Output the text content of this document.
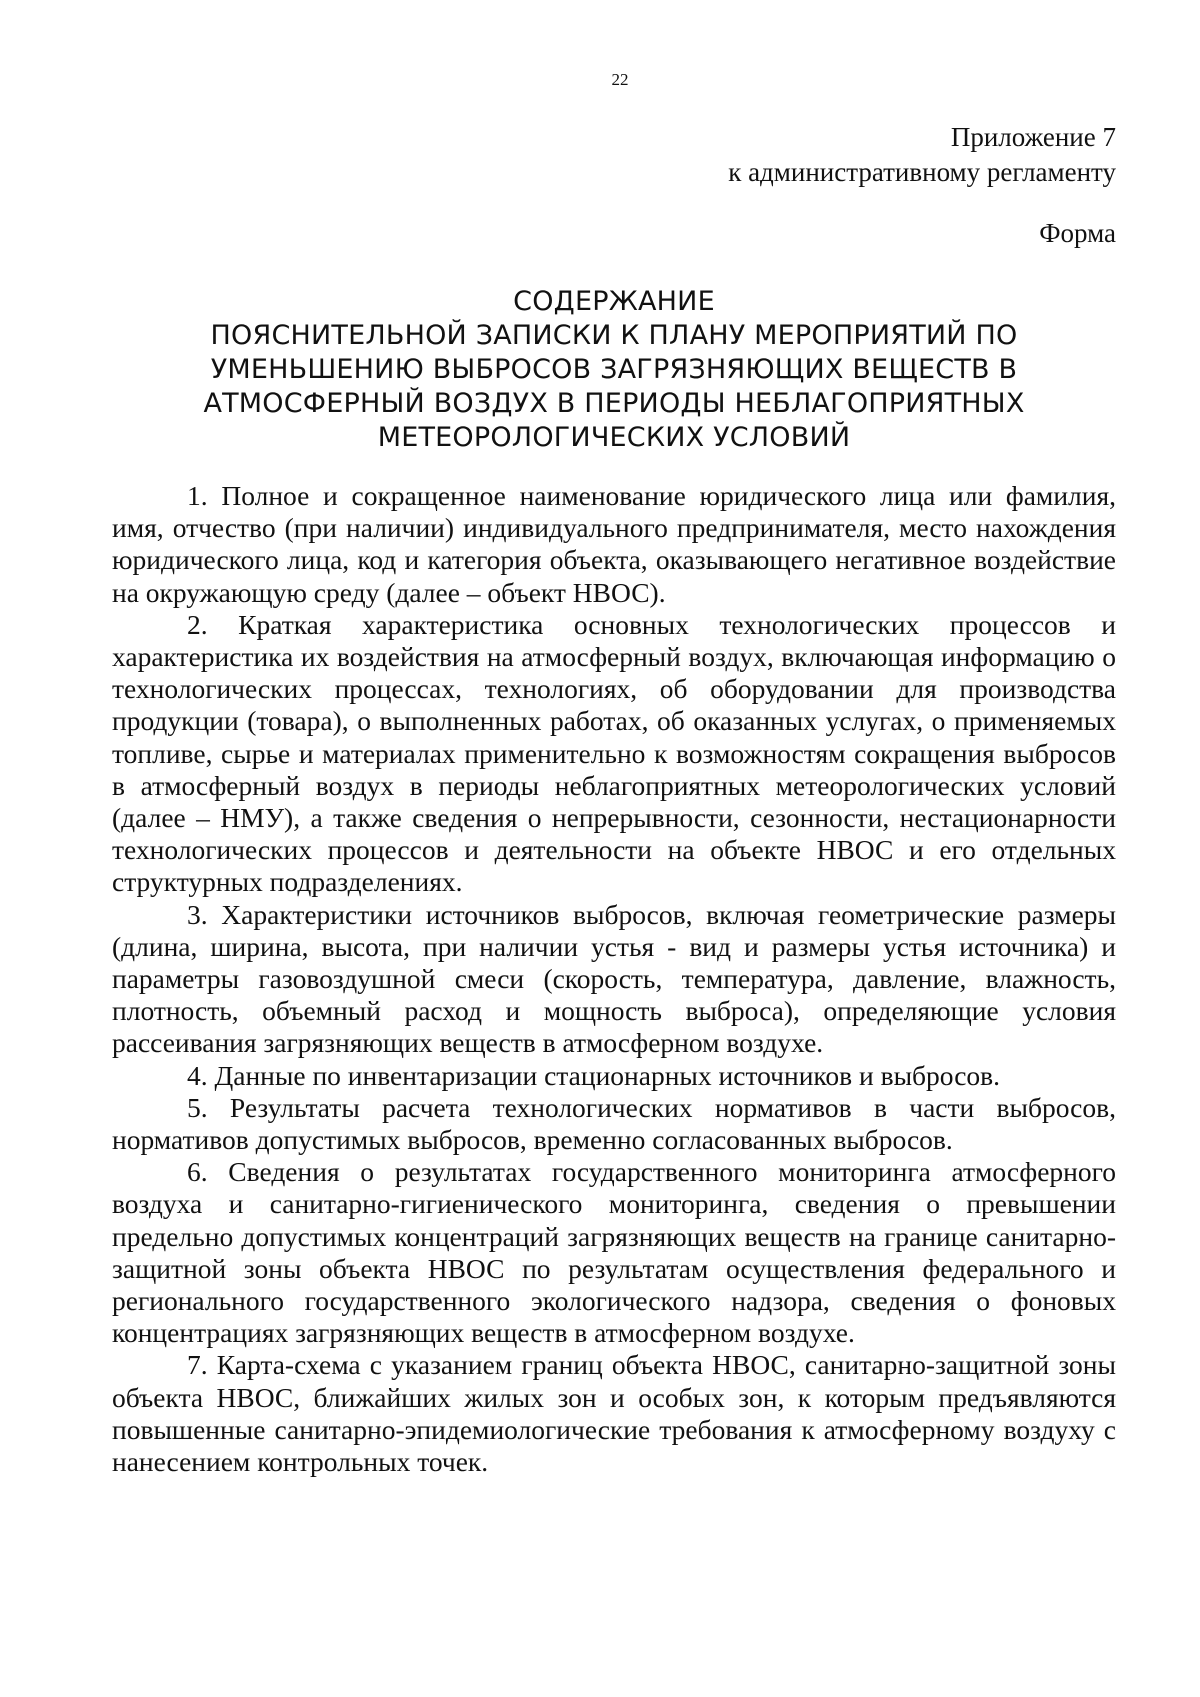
22
Приложение 7
к административному регламенту
Форма
СОДЕРЖАНИЕ
ПОЯСНИТЕЛЬНОЙ ЗАПИСКИ К ПЛАНУ МЕРОПРИЯТИЙ ПО
УМЕНЬШЕНИЮ ВЫБРОСОВ ЗАГРЯЗНЯЮЩИХ ВЕЩЕСТВ В
АТМОСФЕРНЫЙ ВОЗДУХ В ПЕРИОДЫ НЕБЛАГОПРИЯТНЫХ
МЕТЕОРОЛОГИЧЕСКИХ УСЛОВИЙ

1. Полное и сокращенное наименование юридического лица или фамилия, имя, отчество (при наличии) индивидуального предпринимателя, место нахождения юридического лица, код и категория объекта, оказывающего негативное воздействие на окружающую среду (далее – объект НВОС).

2. Краткая характеристика основных технологических процессов и характеристика их воздействия на атмосферный воздух, включающая информацию о технологических процессах, технологиях, об оборудовании для производства продукции (товара), о выполненных работах, об оказанных услугах, о применяемых топливе, сырье и материалах применительно к возможностям сокращения выбросов в атмосферный воздух в периоды неблагоприятных метеорологических условий (далее – НМУ), а также сведения о непрерывности, сезонности, нестационарности технологических процессов и деятельности на объекте НВОС и его отдельных структурных подразделениях.

3. Характеристики источников выбросов, включая геометрические размеры (длина, ширина, высота, при наличии устья - вид и размеры устья источника) и параметры газовоздушной смеси (скорость, температура, давление, влажность, плотность, объемный расход и мощность выброса), определяющие условия рассеивания загрязняющих веществ в атмосферном воздухе.

4. Данные по инвентаризации стационарных источников и выбросов.

5. Результаты расчета технологических нормативов в части выбросов, нормативов допустимых выбросов, временно согласованных выбросов.

6. Сведения о результатах государственного мониторинга атмосферного воздуха и санитарно-гигиенического мониторинга, сведения о превышении предельно допустимых концентраций загрязняющих веществ на границе санитарно-защитной зоны объекта НВОС по результатам осуществления федерального и регионального государственного экологического надзора, сведения о фоновых концентрациях загрязняющих веществ в атмосферном воздухе.

7. Карта-схема с указанием границ объекта НВОС, санитарно-защитной зоны объекта НВОС, ближайших жилых зон и особых зон, к которым предъявляются повышенные санитарно-эпидемиологические требования к атмосферному воздуху с нанесением контрольных точек.
